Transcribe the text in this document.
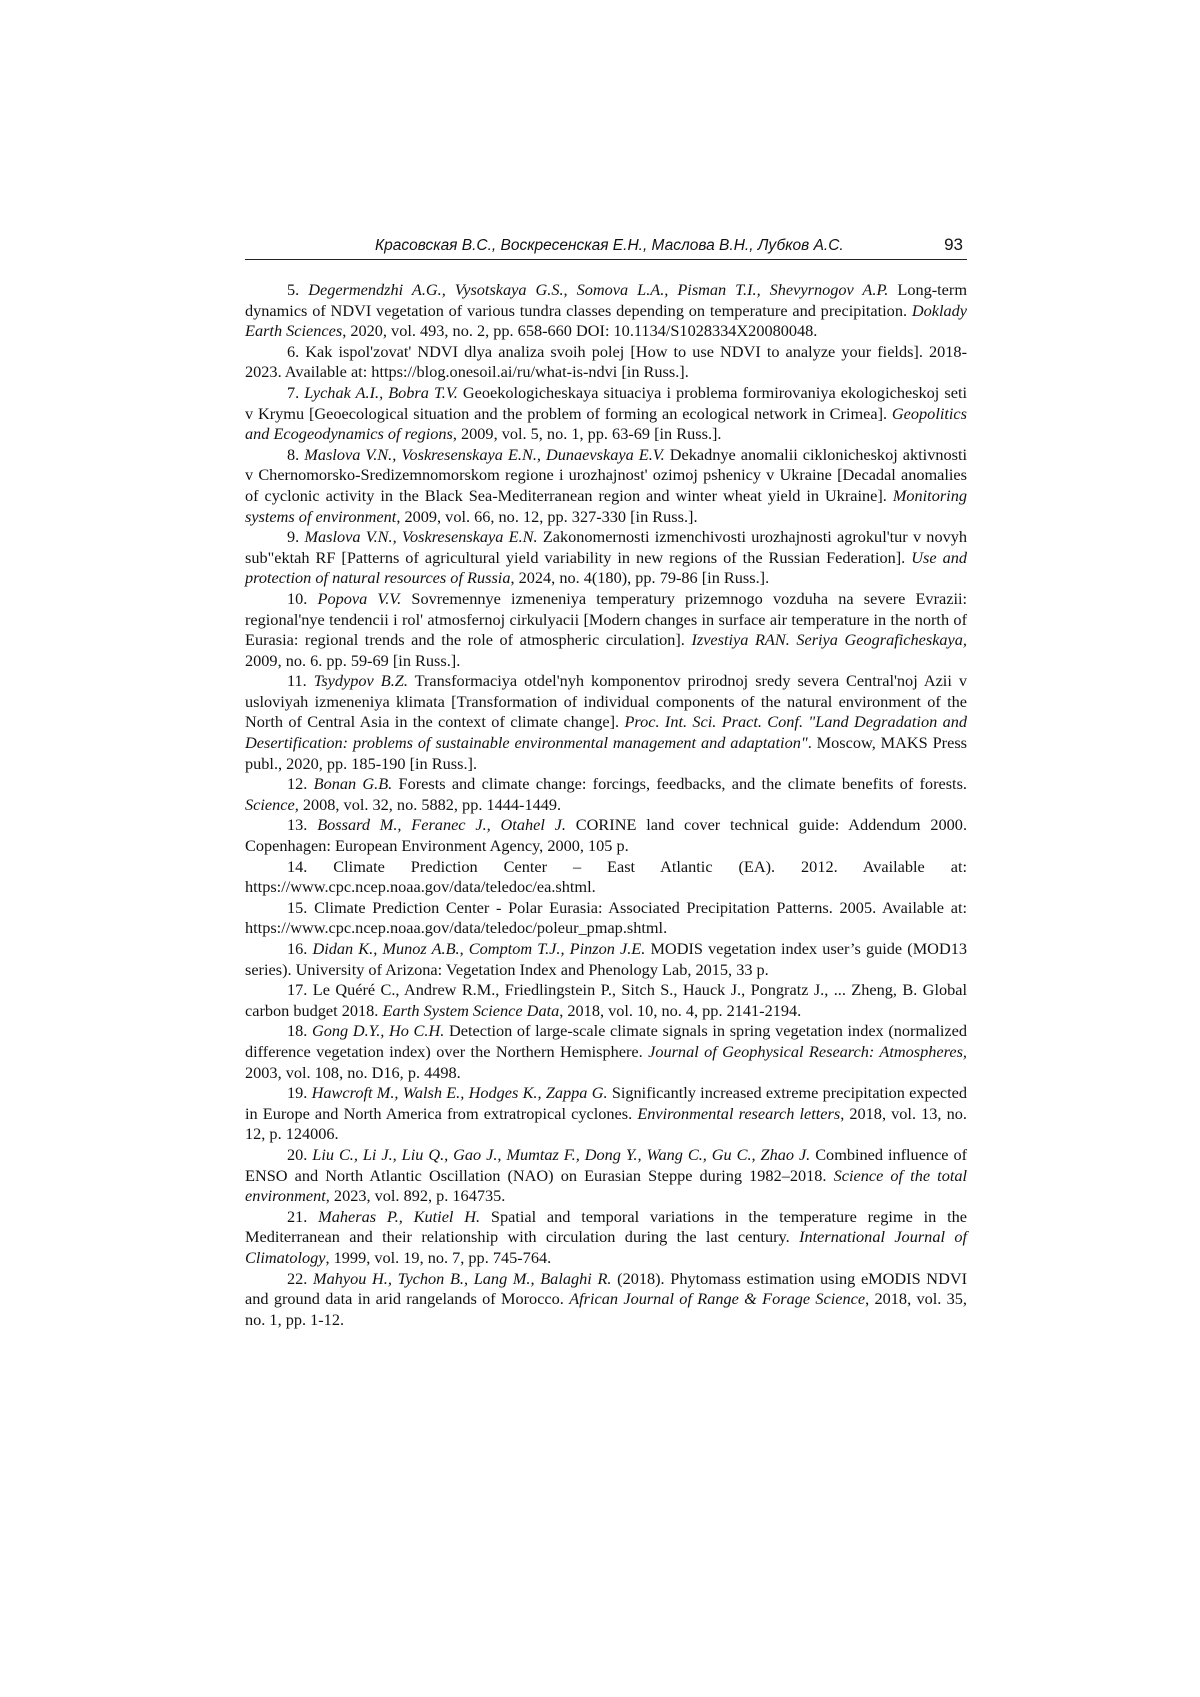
Красовская В.С., Воскресенская Е.Н., Маслова В.Н., Лубков А.С.	93

5. Degermendzhi A.G., Vysotskaya G.S., Somova L.A., Pisman T.I., Shevyrnogov A.P. Long-term dynamics of NDVI vegetation of various tundra classes depending on temperature and precipitation. Doklady Earth Sciences, 2020, vol. 493, no. 2, pp. 658-660 DOI: 10.1134/S1028334X20080048.

6. Kak ispol'zovat' NDVI dlya analiza svoih polej [How to use NDVI to analyze your fields]. 2018-2023. Available at: https://blog.onesoil.ai/ru/what-is-ndvi [in Russ.].

7. Lychak A.I., Bobra T.V. Geoekologicheskaya situaciya i problema formirovaniya ekologicheskoj seti v Krymu [Geoecological situation and the problem of forming an ecological network in Crimea]. Geopolitics and Ecogeodynamics of regions, 2009, vol. 5, no. 1, pp. 63-69 [in Russ.].

8. Maslova V.N., Voskresenskaya E.N., Dunaevskaya E.V. Dekadnye anomalii ciklonicheskoj aktivnosti v Chernomorsko-Sredizemnomorskom regione i urozhajnost' ozimoj pshenicy v Ukraine [Decadal anomalies of cyclonic activity in the Black Sea-Mediterranean region and winter wheat yield in Ukraine]. Monitoring systems of environment, 2009, vol. 66, no. 12, pp. 327-330 [in Russ.].

9. Maslova V.N., Voskresenskaya E.N. Zakonomernosti izmenchivosti urozhajnosti agrokul'tur v novyh sub"ektah RF [Patterns of agricultural yield variability in new regions of the Russian Federation]. Use and protection of natural resources of Russia, 2024, no. 4(180), pp. 79-86 [in Russ.].

10. Popova V.V. Sovremennye izmeneniya temperatury prizemnogo vozduha na severe Evrazii: regional'nye tendencii i rol' atmosfernoj cirkulyacii [Modern changes in surface air temperature in the north of Eurasia: regional trends and the role of atmospheric circulation]. Izvestiya RAN. Seriya Geograficheskaya, 2009, no. 6. pp. 59-69 [in Russ.].

11. Tsydypov B.Z. Transformaciya otdel'nyh komponentov prirodnoj sredy severa Central'noj Azii v usloviyah izmeneniya klimata [Transformation of individual components of the natural environment of the North of Central Asia in the context of climate change]. Proc. Int. Sci. Pract. Conf. "Land Degradation and Desertification: problems of sustainable environmental management and adaptation". Moscow, MAKS Press publ., 2020, pp. 185-190 [in Russ.].

12. Bonan G.B. Forests and climate change: forcings, feedbacks, and the climate benefits of forests. Science, 2008, vol. 32, no. 5882, pp. 1444-1449.

13. Bossard M., Feranec J., Otahel J. CORINE land cover technical guide: Addendum 2000. Copenhagen: European Environment Agency, 2000, 105 p.

14. Climate Prediction Center – East Atlantic (EA). 2012. Available at: https://www.cpc.ncep.noaa.gov/data/teledoc/ea.shtml.

15. Climate Prediction Center - Polar Eurasia: Associated Precipitation Patterns. 2005. Available at: https://www.cpc.ncep.noaa.gov/data/teledoc/poleur_pmap.shtml.

16. Didan K., Munoz A.B., Comptom T.J., Pinzon J.E. MODIS vegetation index user’s guide (MOD13 series). University of Arizona: Vegetation Index and Phenology Lab, 2015, 33 p.

17. Le Quéré C., Andrew R.M., Friedlingstein P., Sitch S., Hauck J., Pongratz J., ... Zheng, B. Global carbon budget 2018. Earth System Science Data, 2018, vol. 10, no. 4, pp. 2141-2194.

18. Gong D.Y., Ho C.H. Detection of large-scale climate signals in spring vegetation index (normalized difference vegetation index) over the Northern Hemisphere. Journal of Geophysical Research: Atmospheres, 2003, vol. 108, no. D16, p. 4498.

19. Hawcroft M., Walsh E., Hodges K., Zappa G. Significantly increased extreme precipitation expected in Europe and North America from extratropical cyclones. Environmental research letters, 2018, vol. 13, no. 12, p. 124006.

20. Liu C., Li J., Liu Q., Gao J., Mumtaz F., Dong Y., Wang C., Gu C., Zhao J. Combined influence of ENSO and North Atlantic Oscillation (NAO) on Eurasian Steppe during 1982–2018. Science of the total environment, 2023, vol. 892, p. 164735.

21. Maheras P., Kutiel H. Spatial and temporal variations in the temperature regime in the Mediterranean and their relationship with circulation during the last century. International Journal of Climatology, 1999, vol. 19, no. 7, pp. 745-764.

22. Mahyou H., Tychon B., Lang M., Balaghi R. (2018). Phytomass estimation using eMODIS NDVI and ground data in arid rangelands of Morocco. African Journal of Range & Forage Science, 2018, vol. 35, no. 1, pp. 1-12.
